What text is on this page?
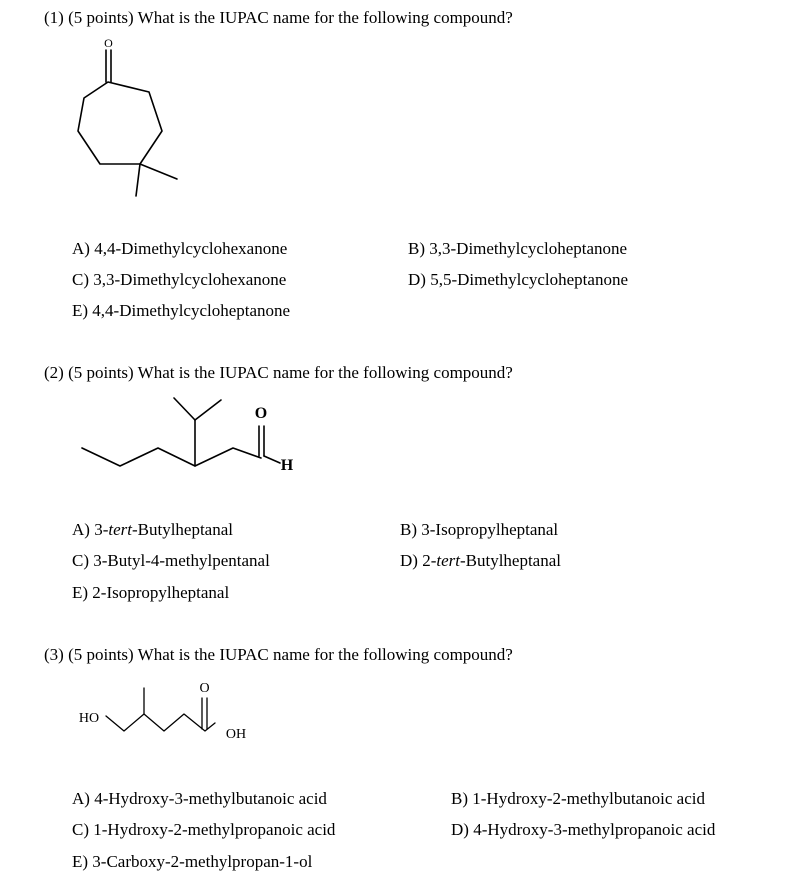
(1) (5 points) What is the IUPAC name for the following compound?
O
A) 4,4-Dimethylcyclohexanone	B) 3,3-Dimethylcycloheptanone
C) 3,3-Dimethylcyclohexanone	D) 5,5-Dimethylcycloheptanone
E) 4,4-Dimethylcycloheptanone
(2) (5 points) What is the IUPAC name for the following compound?
O
H
A) 3-tert-Butylheptanal	B) 3-Isopropylheptanal
C) 3-Butyl-4-methylpentanal	D) 2-tert-Butylheptanal
E) 2-Isopropylheptanal
(3) (5 points) What is the IUPAC name for the following compound?
HO
O
OH
A) 4-Hydroxy-3-methylbutanoic acid	B) 1-Hydroxy-2-methylbutanoic acid
C) 1-Hydroxy-2-methylpropanoic acid	D) 4-Hydroxy-3-methylpropanoic acid
E) 3-Carboxy-2-methylpropan-1-ol
